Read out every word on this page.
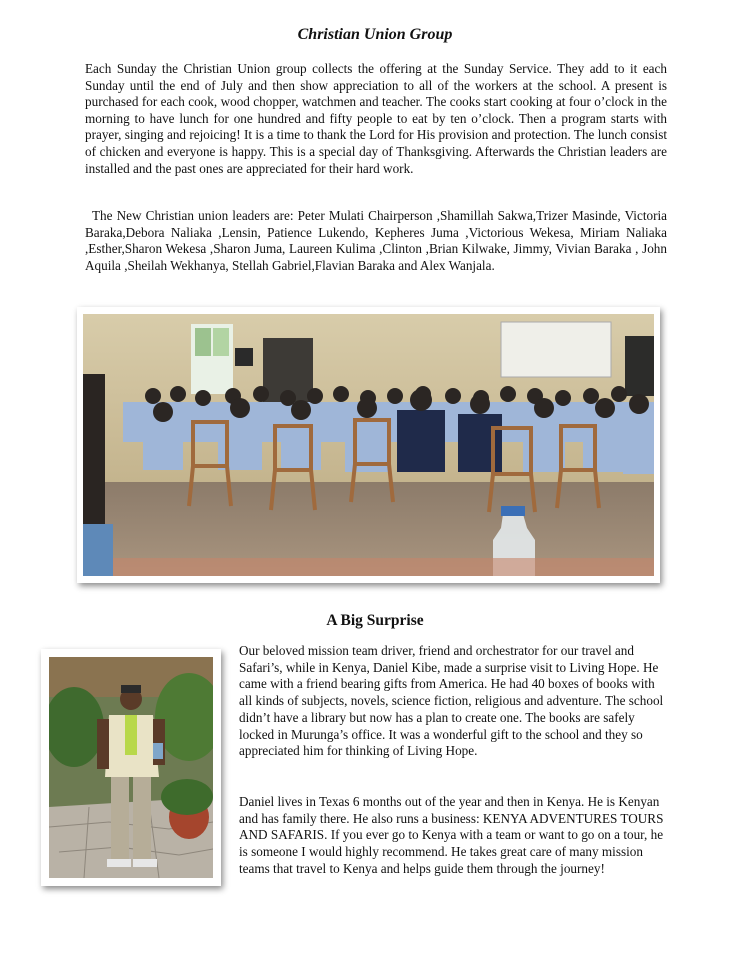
Christian Union Group

Each Sunday the Christian Union group collects the offering at the Sunday Service. They add to it each Sunday until the end of July and then show appreciation to all of the workers at the school. A present is purchased for each cook, wood chopper, watchmen and teacher. The cooks start cooking at four o’clock in the morning to have lunch for one hundred and fifty people to eat by ten o’clock. Then a program starts with prayer, singing and rejoicing! It is a time to thank the Lord for His provision and protection. The lunch consist of chicken and everyone is happy. This is a special day of Thanksgiving. Afterwards the Christian leaders are installed and the past ones are appreciated for their hard work.

The New Christian union leaders are: Peter Mulati Chairperson ,Shamillah Sakwa,Trizer Masinde, Victoria Baraka,Debora Naliaka ,Lensin, Patience Lukendo, Kepheres Juma ,Victorious Wekesa, Miriam Naliaka ,Esther,Sharon Wekesa ,Sharon Juma, Laureen Kulima ,Clinton ,Brian Kilwake, Jimmy, Vivian Baraka , John Aquila ,Sheilah Wekhanya, Stellah Gabriel,Flavian Baraka and Alex Wanjala.

A Big Surprise

Our beloved mission team driver, friend and orchestrator for our travel and Safari’s, while in Kenya, Daniel Kibe, made a surprise visit to Living Hope. He came with a friend bearing gifts from America. He had 40 boxes of books with all kinds of subjects, novels, science fiction, religious and adventure. The school didn’t have a library but now has a plan to create one. The books are safely locked in Murunga’s office. It was a wonderful gift to the school and they so appreciated him for thinking of Living Hope.

Daniel lives in Texas 6 months out of the year and then in Kenya. He is Kenyan and has family there. He also runs a business: KENYA ADVENTURES TOURS AND SAFARIS. If you ever go to Kenya with a team or want to go on a tour, he is someone I would highly recommend. He takes great care of many mission teams that travel to Kenya and helps guide them through the journey!
